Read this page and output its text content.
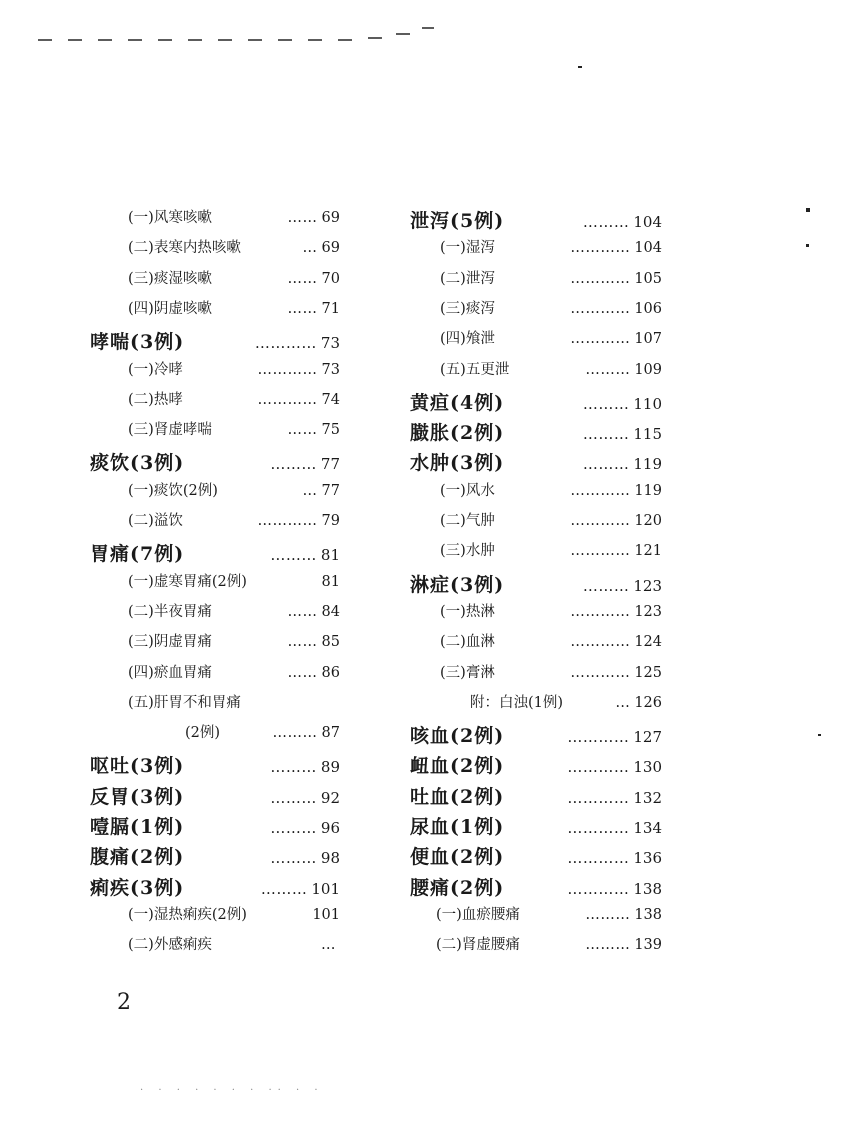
(一)风寒咳嗽	…… 69
(二)表寒内热咳嗽	… 69
(三)痰湿咳嗽	…… 70
(四)阴虚咳嗽	…… 71
哮喘(3例)	………… 73
(一)冷哮	………… 73
(二)热哮	………… 74
(三)肾虚哮喘	…… 75
痰饮(3例)	……… 77
(一)痰饮(2例)	… 77
(二)溢饮	………… 79
胃痛(7例)	……… 81
(一)虚寒胃痛(2例)	81
(二)半夜胃痛	…… 84
(三)阴虚胃痛	…… 85
(四)瘀血胃痛	…… 86
(五)肝胃不和胃痛
(2例)	……… 87
呕吐(3例)	……… 89
反胃(3例)	……… 92
噎膈(1例)	……… 96
腹痛(2例)	……… 98
痢疾(3例)	……… 101
(一)湿热痢疾(2例)	101
(二)外感痢疾	…
泄泻(5例)	……… 104
(一)湿泻	………… 104
(二)泄泻	………… 105
(三)痰泻	………… 106
(四)飧泄	………… 107
(五)五更泄	……… 109
黄疸(4例)	……… 110
臌胀(2例)	……… 115
水肿(3例)	……… 119
(一)风水	………… 119
(二)气肿	………… 120
(三)水肿	………… 121
淋症(3例)	……… 123
(一)热淋	………… 123
(二)血淋	………… 124
(三)膏淋	………… 125
附：白浊(1例)	… 126
咳血(2例)	………… 127
衄血(2例)	………… 130
吐血(2例)	………… 132
尿血(1例)	………… 134
便血(2例)	………… 136
腰痛(2例)	………… 138
(一)血瘀腰痛	……… 138
(二)肾虚腰痛	……… 139
2
. . . . . . . .. . .
